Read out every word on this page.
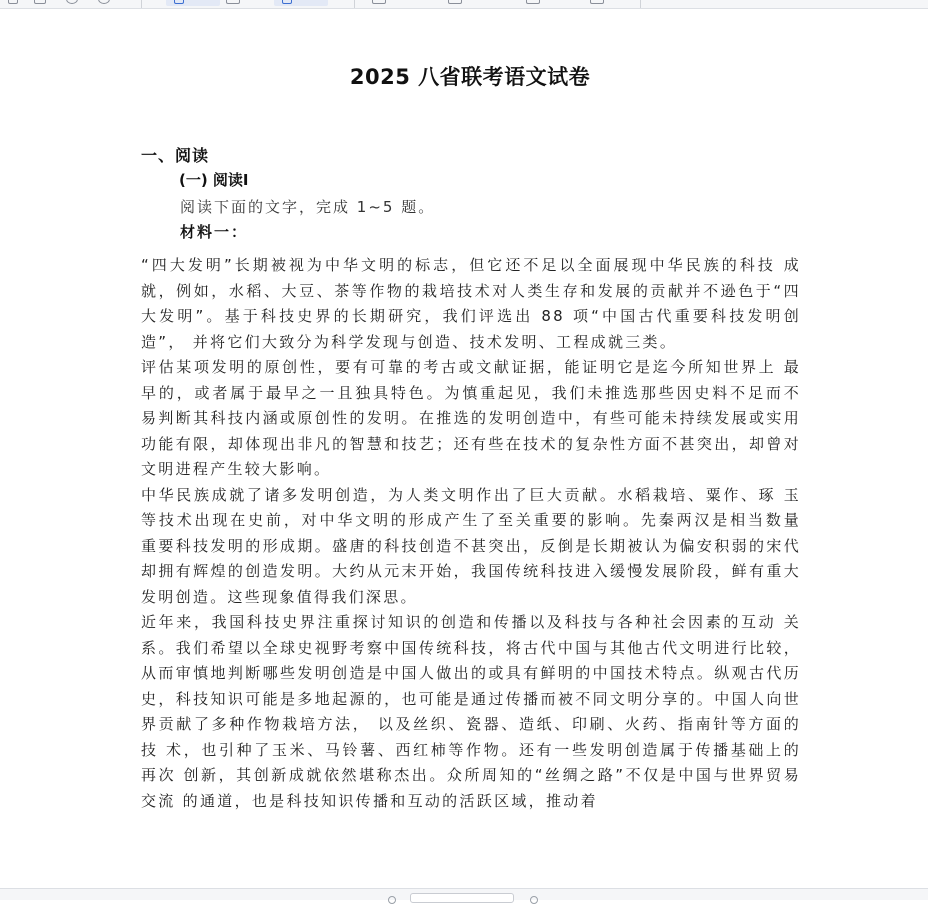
2025 八省联考语文试卷
一、阅读
(一) 阅读Ⅰ
阅读下面的文字，完成 1~5 题。
材料一：

“四大发明”长期被视为中华文明的标志，但它还不足以全面展现中华民族的科技 成就，例如，水稻、大豆、茶等作物的栽培技术对人类生存和发展的贡献并不逊色于“四 大发明”。基于科技史界的长期研究，我们评选出 88 项“中国古代重要科技发明创造”， 并将它们大致分为科学发现与创造、技术发明、工程成就三类。

评估某项发明的原创性，要有可靠的考古或文献证据，能证明它是迄今所知世界上 最早的，或者属于最早之一且独具特色。为慎重起见，我们未推选那些因史料不足而不 易判断其科技内涵或原创性的发明。在推选的发明创造中，有些可能未持续发展或实用 功能有限，却体现出非凡的智慧和技艺；还有些在技术的复杂性方面不甚突出，却曾对 文明进程产生较大影响。

中华民族成就了诸多发明创造，为人类文明作出了巨大贡献。水稻栽培、粟作、琢 玉等技术出现在史前，对中华文明的形成产生了至关重要的影响。先秦两汉是相当数量 重要科技发明的形成期。盛唐的科技创造不甚突出，反倒是长期被认为偏安积弱的宋代 却拥有辉煌的创造发明。大约从元末开始，我国传统科技进入缓慢发展阶段，鲜有重大 发明创造。这些现象值得我们深思。

近年来，我国科技史界注重探讨知识的创造和传播以及科技与各种社会因素的互动 关系。我们希望以全球史视野考察中国传统科技，将古代中国与其他古代文明进行比较， 从而审慎地判断哪些发明创造是中国人做出的或具有鲜明的中国技术特点。纵观古代历 史，科技知识可能是多地起源的，也可能是通过传播而被不同文明分享的。中国人向世 界贡献了多种作物栽培方法， 以及丝织、瓷器、造纸、印刷、火药、指南针等方面的技 术，也引种了玉米、马铃薯、西红柿等作物。还有一些发明创造属于传播基础上的再次 创新，其创新成就依然堪称杰出。众所周知的“丝绸之路”不仅是中国与世界贸易交流 的通道，也是科技知识传播和互动的活跃区域，推动着
